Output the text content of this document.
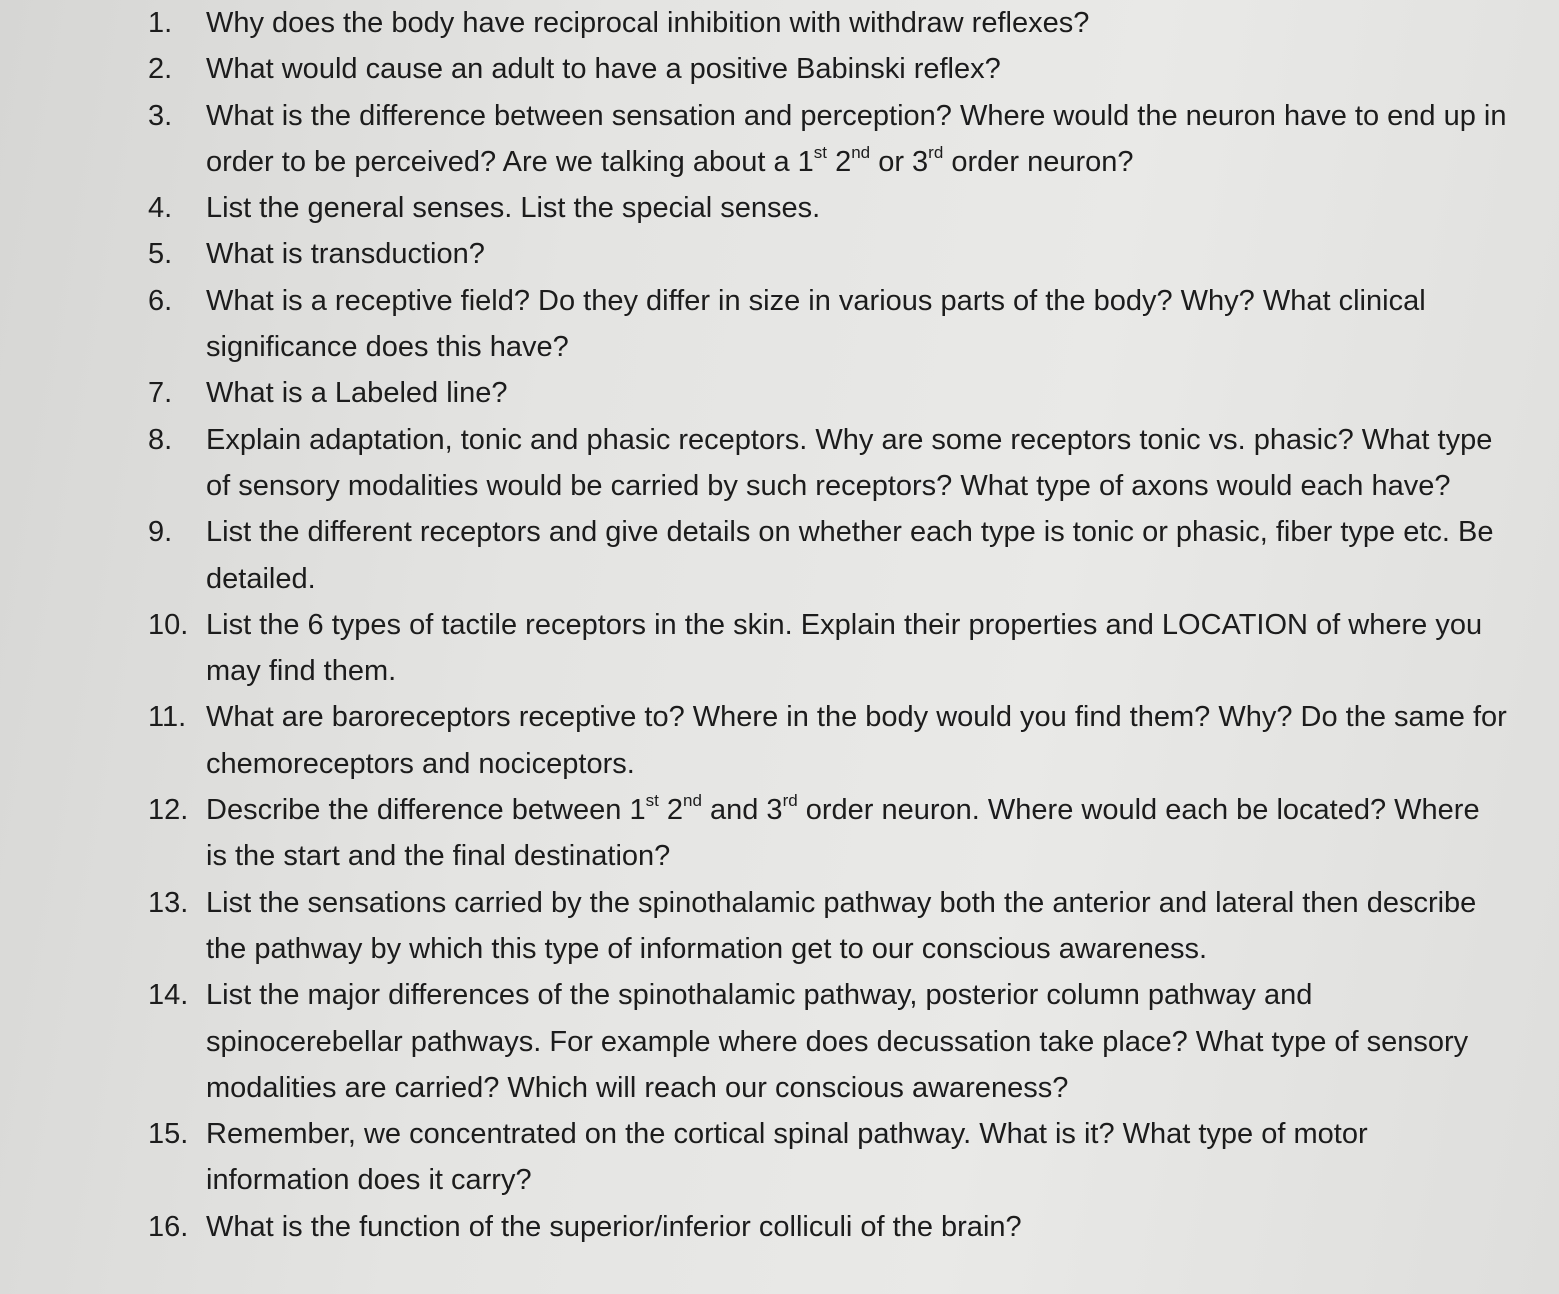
1.	Why does the body have reciprocal inhibition with withdraw reflexes?
2.	What would cause an adult to have a positive Babinski reflex?
3.	What is the difference between sensation and perception? Where would the neuron have to end up in order to be perceived? Are we talking about a 1st 2nd or 3rd order neuron?
4.	List the general senses. List the special senses.
5.	What is transduction?
6.	What is a receptive field? Do they differ in size in various parts of the body? Why? What clinical significance does this have?
7.	What is a Labeled line?
8.	Explain adaptation, tonic and phasic receptors. Why are some receptors tonic vs. phasic? What type of sensory modalities would be carried by such receptors? What type of axons would each have?
9.	List the different receptors and give details on whether each type is tonic or phasic, fiber type etc. Be detailed.
10. List the 6 types of tactile receptors in the skin. Explain their properties and LOCATION of where you may find them.
11. What are baroreceptors receptive to? Where in the body would you find them? Why? Do the same for chemoreceptors and nociceptors.
12. Describe the difference between 1st 2nd and 3rd order neuron. Where would each be located? Where is the start and the final destination?
13. List the sensations carried by the spinothalamic pathway both the anterior and lateral then describe the pathway by which this type of information get to our conscious awareness.
14. List the major differences of the spinothalamic pathway, posterior column pathway and spinocerebellar pathways. For example where does decussation take place? What type of sensory modalities are carried? Which will reach our conscious awareness?
15. Remember, we concentrated on the cortical spinal pathway. What is it? What type of motor information does it carry?
16. What is the function of the superior/inferior colliculi of the brain?
